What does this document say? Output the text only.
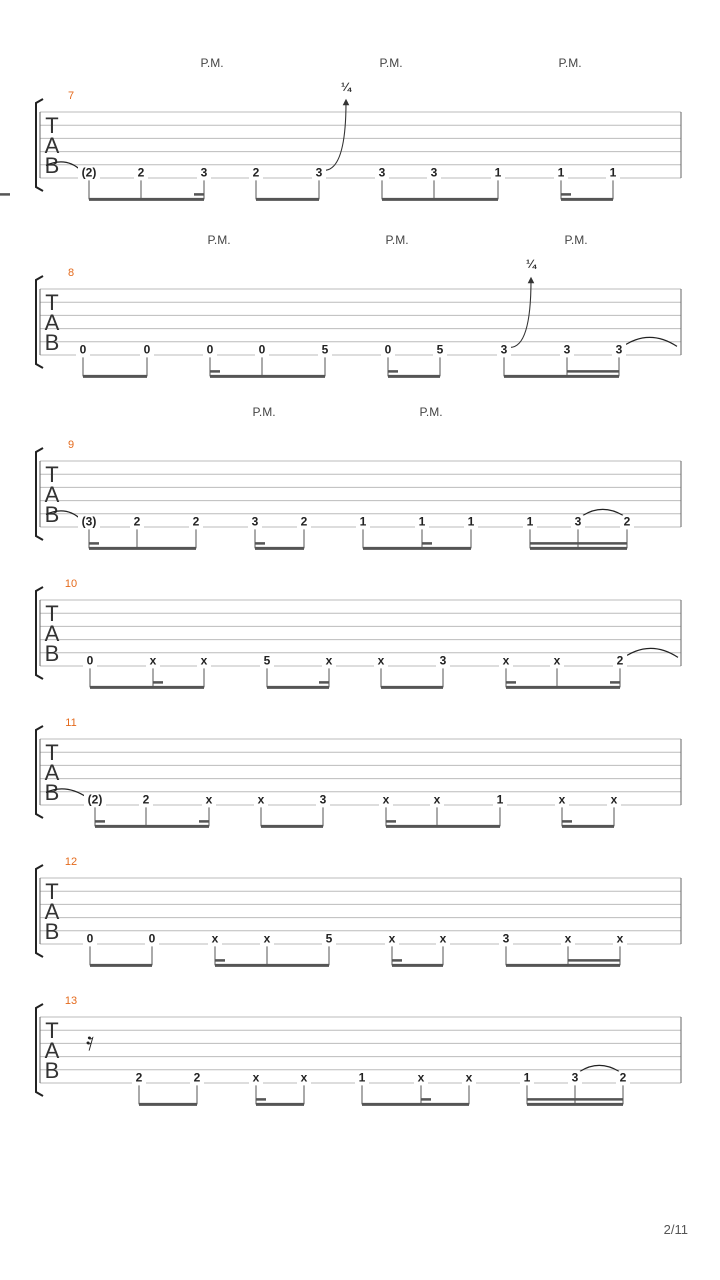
T
A
B
7
P.M.	P.M.	P.M.
¼
(2)	2	3	2	3	3	3	1	1	1
T
A
B
8
P.M.	P.M.	P.M.
¼
0	0	0	0	5	0	5	3	3	3
T
A
B
9
P.M.	P.M.
(3)	2	2	3	2	1	1	1	1	3	2
T
A
B
10
0	x	x	5	x	x	3	x	x	2
T
A
B
11
(2)	2	x	x	3	x	x	1	x	x
T
A
B
12
0	0	x	x	5	x	x	3	x	x
T
A
B
13
𝄿
2	2	x	x	1	x	x	1	3	2
2/11
